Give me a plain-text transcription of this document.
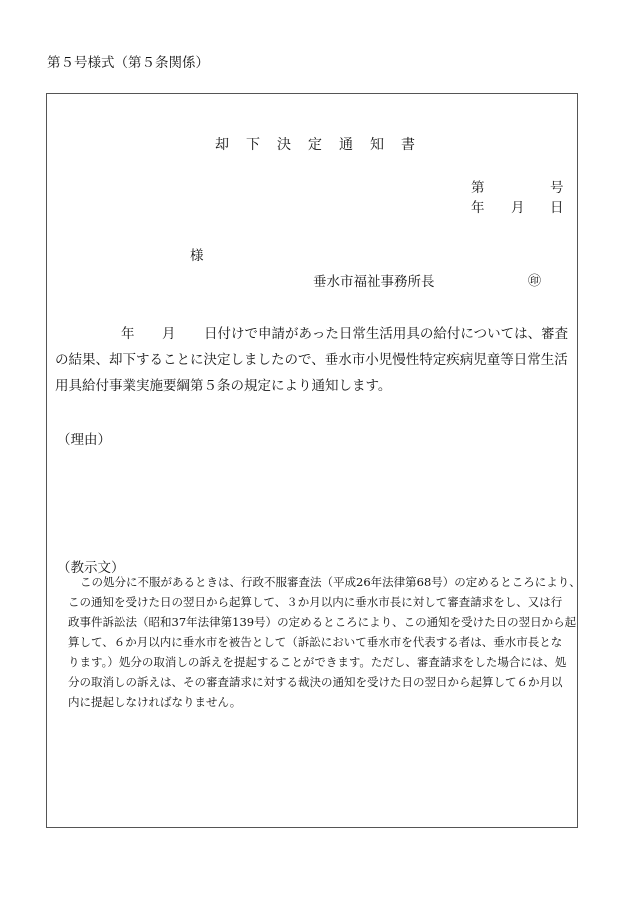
第５号様式（第５条関係）
却下決定通知書
第	号
年 月 日
様
垂水市福祉事務所長	㊞
年 月 日付けで申請があった日常生活用具の給付については、審査
の結果、却下することに決定しましたので、垂水市小児慢性特定疾病児童等日常生活
用具給付事業実施要綱第５条の規定により通知します。
（理由）
（教示文）
この処分に不服があるときは、行政不服審査法（平成26年法律第68号）の定めるところにより、
この通知を受けた日の翌日から起算して、３か月以内に垂水市長に対して審査請求をし、又は行
政事件訴訟法（昭和37年法律第139号）の定めるところにより、この通知を受けた日の翌日から起
算して、６か月以内に垂水市を被告として（訴訟において垂水市を代表する者は、垂水市長とな
ります。）処分の取消しの訴えを提起することができます。ただし、審査請求をした場合には、処
分の取消しの訴えは、その審査請求に対する裁決の通知を受けた日の翌日から起算して６か月以
内に提起しなければなりません。
